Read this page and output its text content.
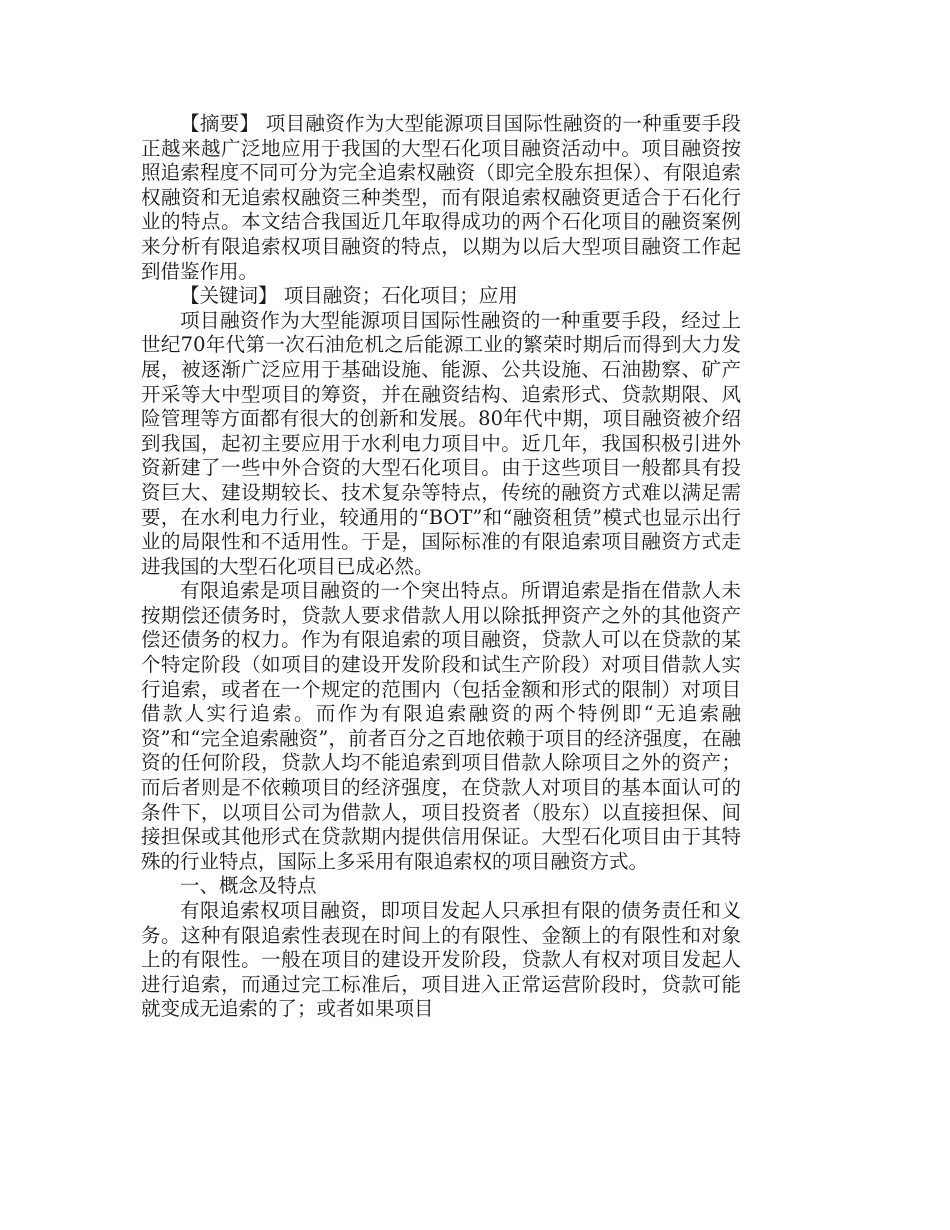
【摘要】 项目融资作为大型能源项目国际性融资的一种重要手段正越来越广泛地应用于我国的大型石化项目融资活动中。项目融资按照追索程度不同可分为完全追索权融资（即完全股东担保）、有限追索权融资和无追索权融资三种类型，而有限追索权融资更适合于石化行业的特点。本文结合我国近几年取得成功的两个石化项目的融资案例来分析有限追索权项目融资的特点，以期为以后大型项目融资工作起到借鉴作用。

【关键词】 项目融资；石化项目；应用

项目融资作为大型能源项目国际性融资的一种重要手段，经过上世纪70年代第一次石油危机之后能源工业的繁荣时期后而得到大力发展，被逐渐广泛应用于基础设施、能源、公共设施、石油勘察、矿产开采等大中型项目的筹资，并在融资结构、追索形式、贷款期限、风险管理等方面都有很大的创新和发展。80年代中期，项目融资被介绍到我国，起初主要应用于水利电力项目中。近几年，我国积极引进外资新建了一些中外合资的大型石化项目。由于这些项目一般都具有投资巨大、建设期较长、技术复杂等特点，传统的融资方式难以满足需要，在水利电力行业，较通用的“BOT”和“融资租赁”模式也显示出行业的局限性和不适用性。于是，国际标准的有限追索项目融资方式走进我国的大型石化项目已成必然。

有限追索是项目融资的一个突出特点。所谓追索是指在借款人未按期偿还债务时，贷款人要求借款人用以除抵押资产之外的其他资产偿还债务的权力。作为有限追索的项目融资，贷款人可以在贷款的某个特定阶段（如项目的建设开发阶段和试生产阶段）对项目借款人实行追索，或者在一个规定的范围内（包括金额和形式的限制）对项目借款人实行追索。而作为有限追索融资的两个特例即“无追索融资”和“完全追索融资”，前者百分之百地依赖于项目的经济强度，在融资的任何阶段，贷款人均不能追索到项目借款人除项目之外的资产；而后者则是不依赖项目的经济强度，在贷款人对项目的基本面认可的条件下，以项目公司为借款人，项目投资者（股东）以直接担保、间接担保或其他形式在贷款期内提供信用保证。大型石化项目由于其特殊的行业特点，国际上多采用有限追索权的项目融资方式。

一、概念及特点

有限追索权项目融资，即项目发起人只承担有限的债务责任和义务。这种有限追索性表现在时间上的有限性、金额上的有限性和对象上的有限性。一般在项目的建设开发阶段，贷款人有权对项目发起人进行追索，而通过完工标准后，项目进入正常运营阶段时，贷款可能就变成无追索的了；或者如果项目
